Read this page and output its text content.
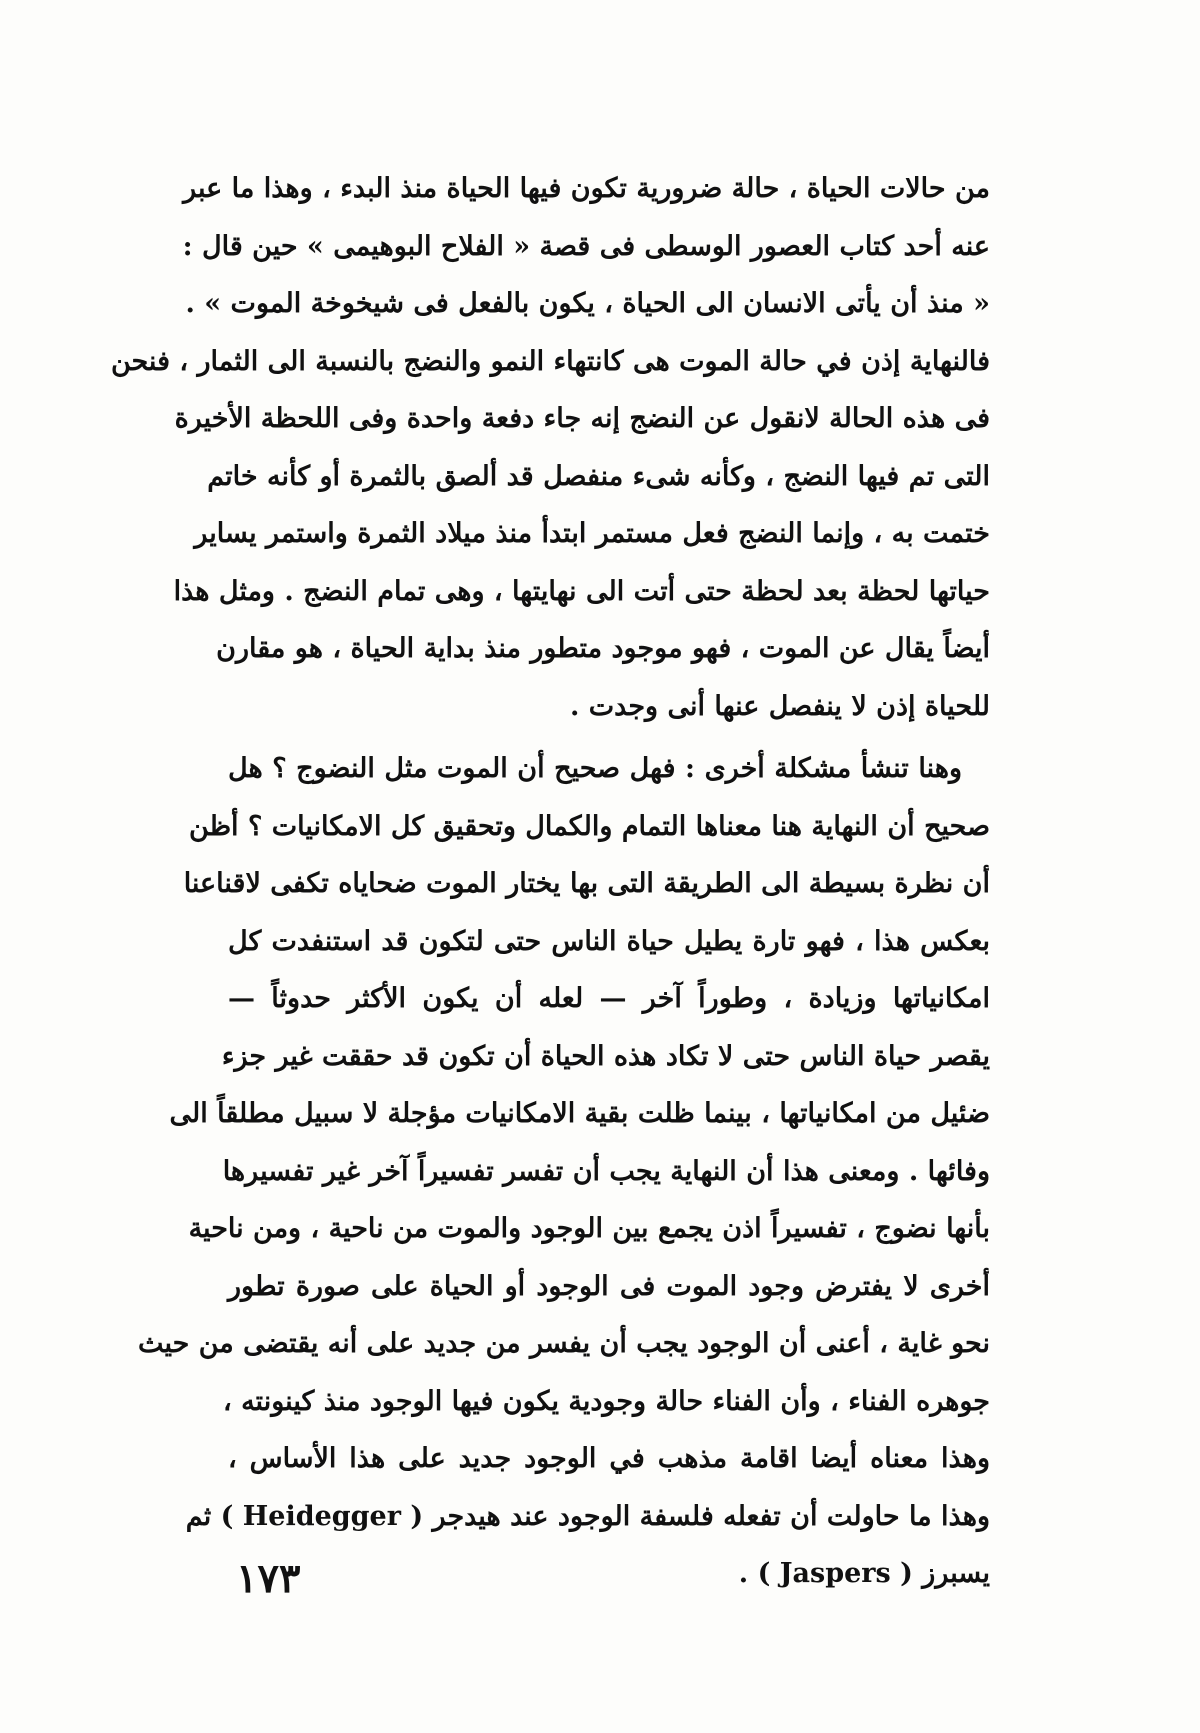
من حالات الحياة ، حالة ضرورية تكون فيها الحياة منذ البدء ، وهذا ما عبر
عنه أحد كتاب العصور الوسطى فى قصة « الفلاح البوهيمى » حين قال :
« منذ أن يأتى الانسان الى الحياة ، يكون بالفعل فى شيخوخة الموت » .
فالنهاية إذن في حالة الموت هى كانتهاء النمو والنضج بالنسبة الى الثمار ، فنحن
فى هذه الحالة لانقول عن النضج إنه جاء دفعة واحدة وفى اللحظة الأخيرة
التى تم فيها النضج ، وكأنه شىء منفصل قد ألصق بالثمرة أو كأنه خاتم
ختمت به ، وإنما النضج فعل مستمر ابتدأ منذ ميلاد الثمرة واستمر يساير
حياتها لحظة بعد لحظة حتى أتت الى نهايتها ، وهى تمام النضج . ومثل هذا
أيضاً يقال عن الموت ، فهو موجود متطور منذ بداية الحياة ، هو مقارن
للحياة إذن لا ينفصل عنها أنى وجدت .
وهنا تنشأ مشكلة أخرى : فهل صحيح أن الموت مثل النضوج ؟ هل
صحيح أن النهاية هنا معناها التمام والكمال وتحقيق كل الامكانيات ؟ أظن
أن نظرة بسيطة الى الطريقة التى بها يختار الموت ضحاياه تكفى لاقناعنا
بعكس هذا ، فهو تارة يطيل حياة الناس حتى لتكون قد استنفدت كل
امكانياتها وزيادة ، وطوراً آخر — لعله أن يكون الأكثر حدوثاً —
يقصر حياة الناس حتى لا تكاد هذه الحياة أن تكون قد حققت غير جزء
ضئيل من امكانياتها ، بينما ظلت بقية الامكانيات مؤجلة لا سبيل مطلقاً الى
وفائها . ومعنى هذا أن النهاية يجب أن تفسر تفسيراً آخر غير تفسيرها
بأنها نضوج ، تفسيراً اذن يجمع بين الوجود والموت من ناحية ، ومن ناحية
أخرى لا يفترض وجود الموت فى الوجود أو الحياة على صورة تطور
نحو غاية ، أعنى أن الوجود يجب أن يفسر من جديد على أنه يقتضى من حيث
جوهره الفناء ، وأن الفناء حالة وجودية يكون فيها الوجود منذ كينونته ،
وهذا معناه أيضا اقامة مذهب في الوجود جديد على هذا الأساس ،
وهذا ما حاولت أن تفعله فلسفة الوجود عند هيدجر ( Heidegger ) ثم
يسبرز ( Jaspers ) .
١٧٣
